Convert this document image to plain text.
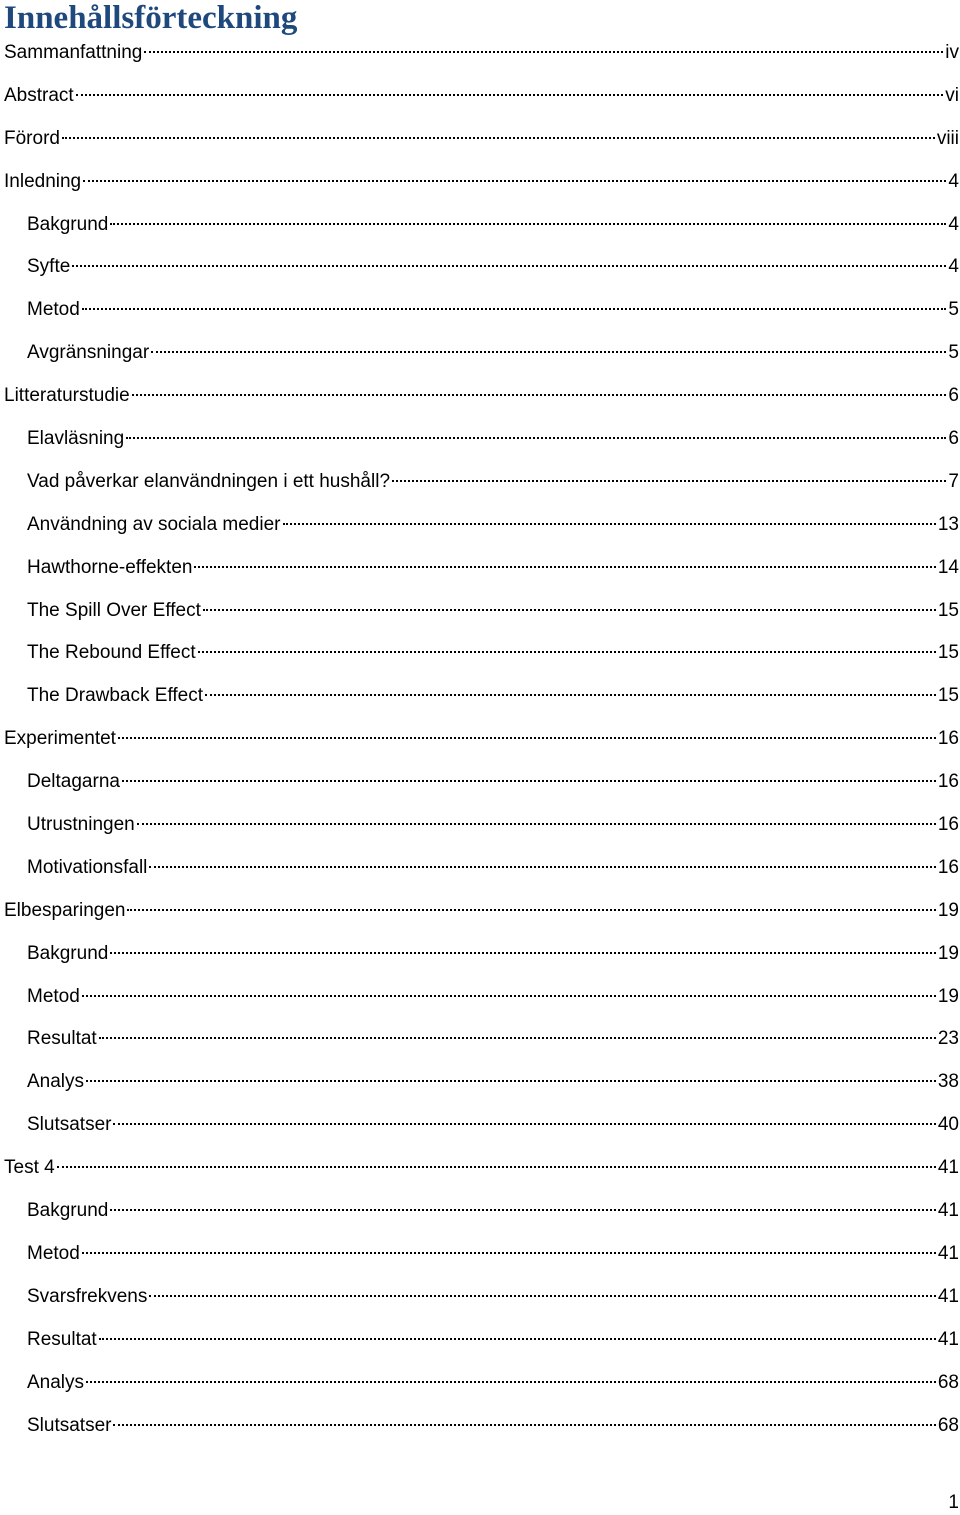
Innehållsförteckning
Sammanfattning	iv
Abstract	vi
Förord	viii
Inledning	4
Bakgrund	4
Syfte	4
Metod	5
Avgränsningar	5
Litteraturstudie	6
Elavläsning	6
Vad påverkar elanvändningen i ett hushåll?	7
Användning av sociala medier	13
Hawthorne-effekten	14
The Spill Over Effect	15
The Rebound Effect	15
The Drawback Effect	15
Experimentet	16
Deltagarna	16
Utrustningen	16
Motivationsfall	16
Elbesparingen	19
Bakgrund	19
Metod	19
Resultat	23
Analys	38
Slutsatser	40
Test 4	41
Bakgrund	41
Metod	41
Svarsfrekvens	41
Resultat	41
Analys	68
Slutsatser	68
1
